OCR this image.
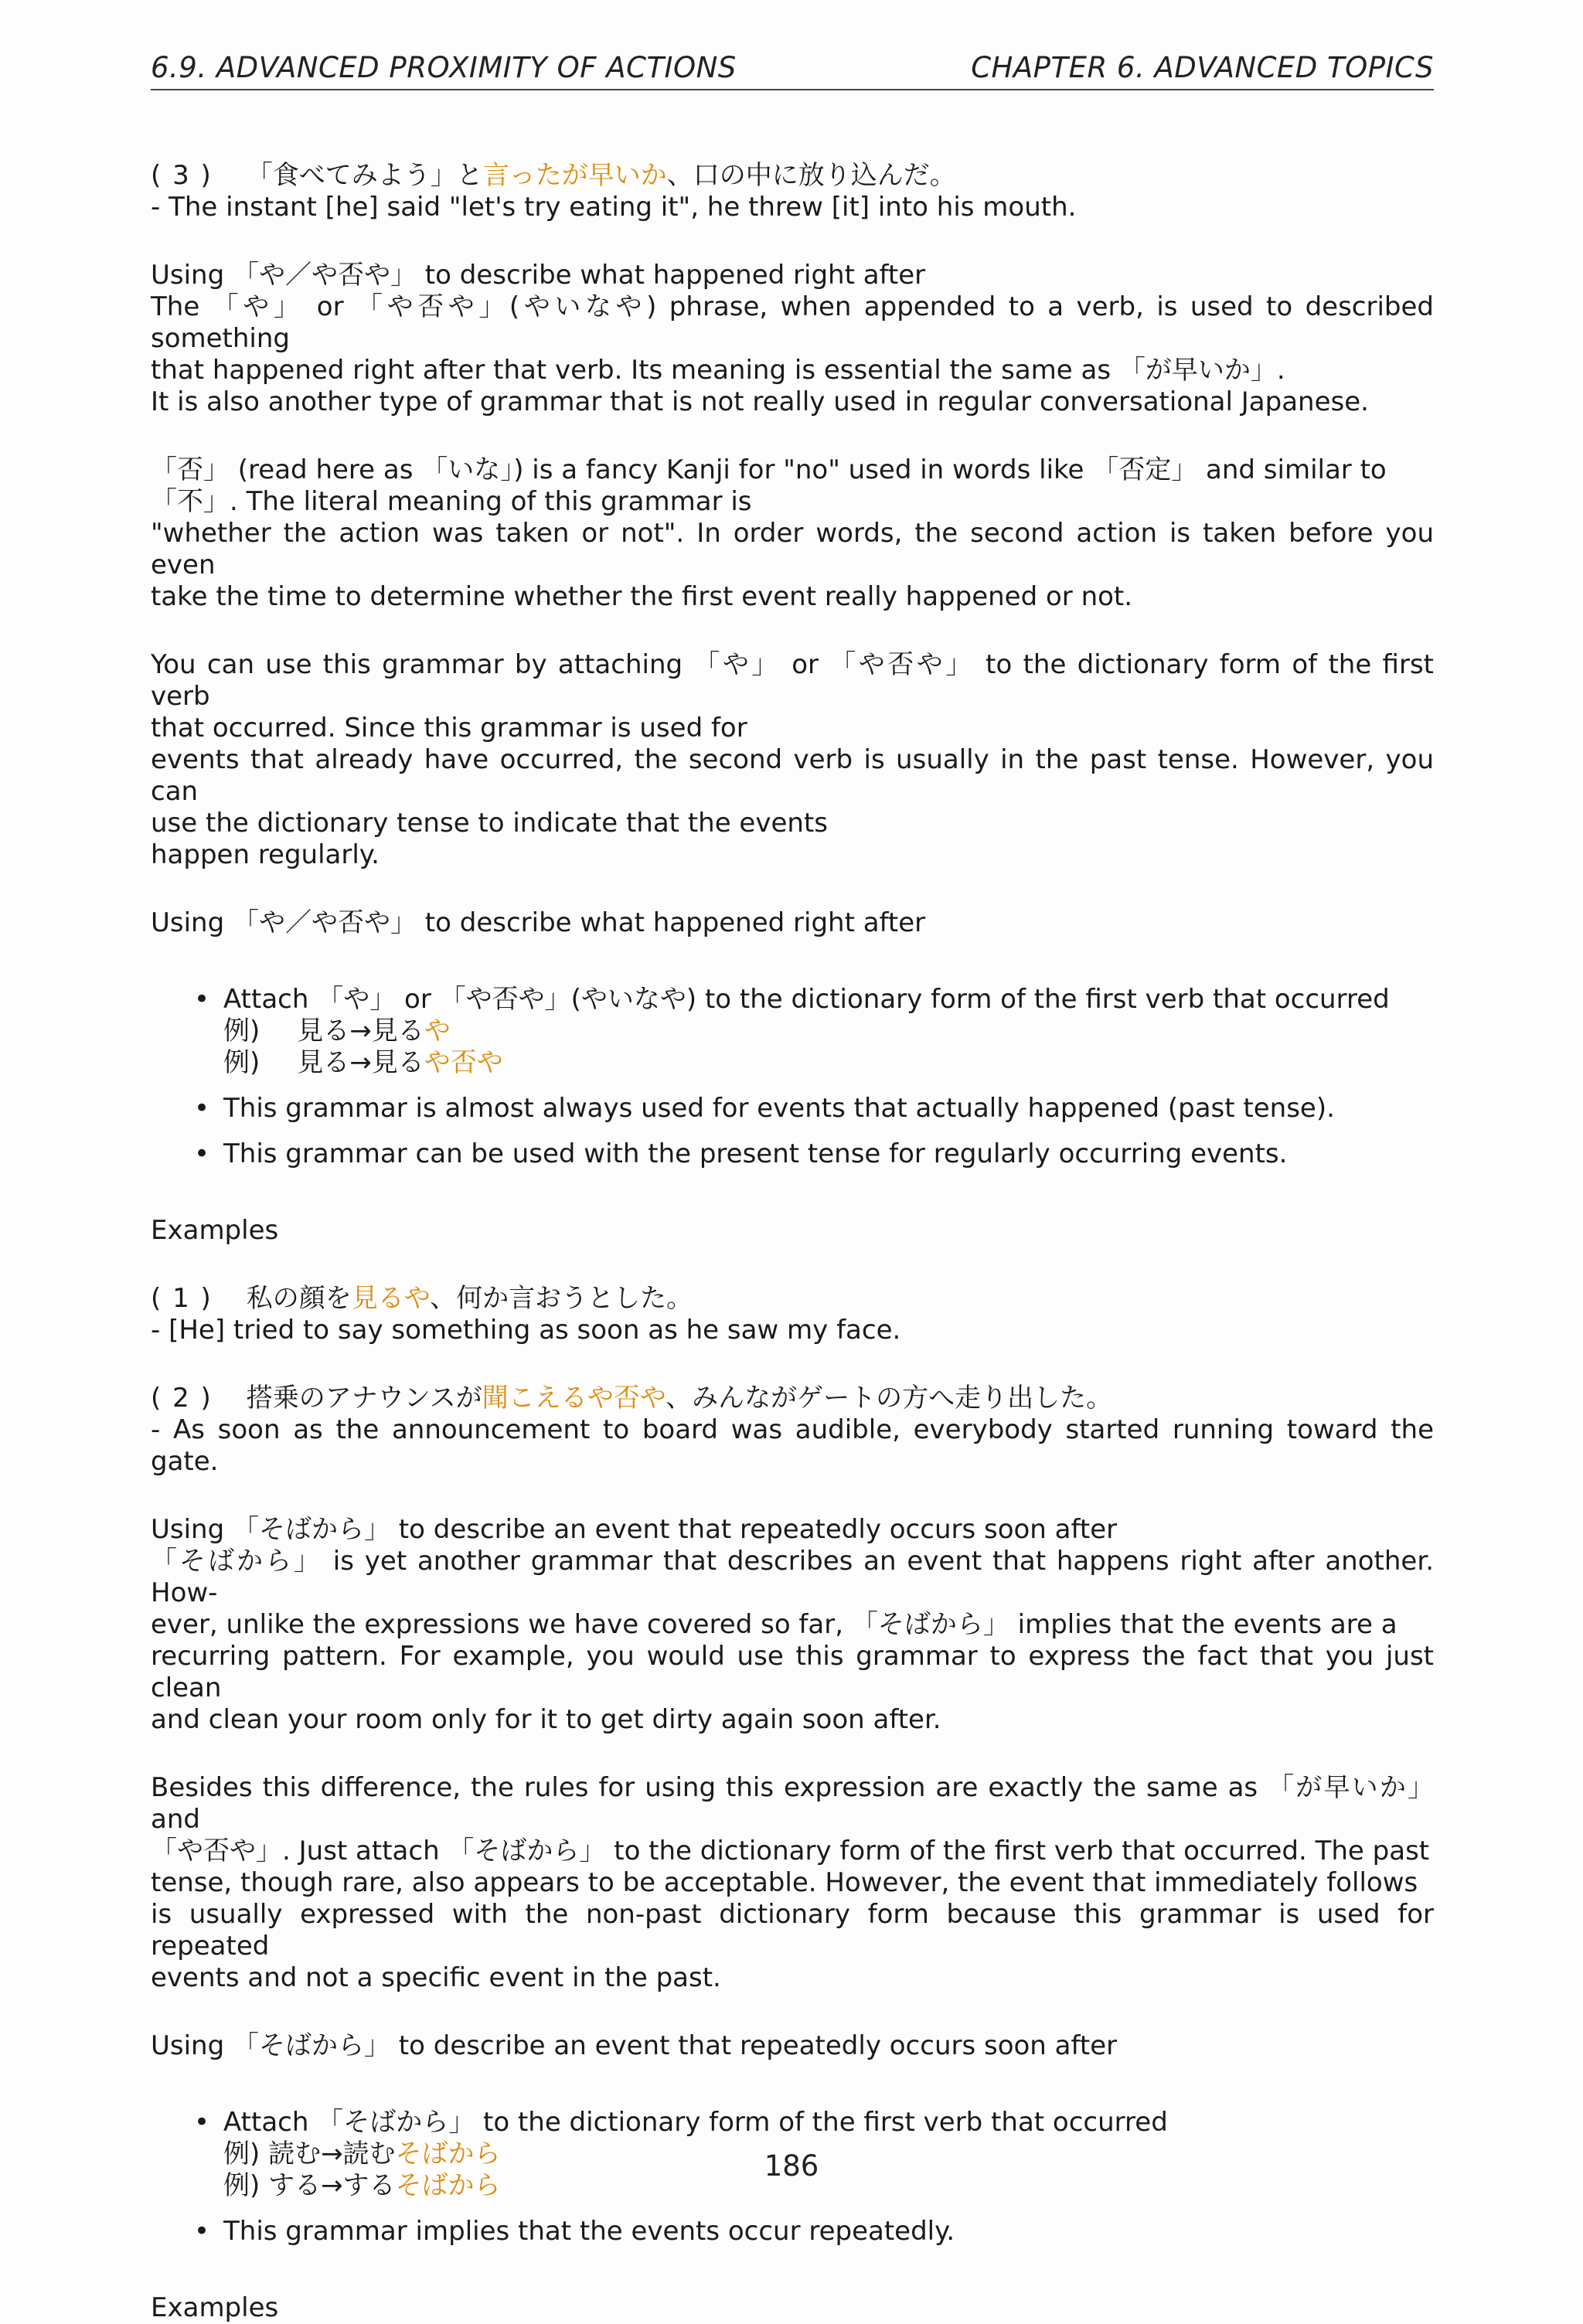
6.9. ADVANCED PROXIMITY OF ACTIONS	CHAPTER 6. ADVANCED TOPICS
( 3 ) 「食べてみよう」と言ったが早いか、口の中に放り込んだ。
- The instant [he] said "let's try eating it", he threw [it] into his mouth.
Using 「や／や否や」 to describe what happened right after
The 「や」 or 「や否や」(やいなや) phrase, when appended to a verb, is used to described something
that happened right after that verb. Its meaning is essential the same as 「が早いか」.
It is also another type of grammar that is not really used in regular conversational Japanese.
「否」 (read here as 「いな」) is a fancy Kanji for "no" used in words like 「否定」 and similar to
「不」. The literal meaning of this grammar is
"whether the action was taken or not". In order words, the second action is taken before you even
take the time to determine whether the first event really happened or not.
You can use this grammar by attaching 「や」 or 「や否や」 to the dictionary form of the first verb
that occurred. Since this grammar is used for
events that already have occurred, the second verb is usually in the past tense. However, you can
use the dictionary tense to indicate that the events
happen regularly.
Using 「や／や否や」 to describe what happened right after
• Attach 「や」 or 「や否や」(やいなや) to the dictionary form of the first verb that occurred
例) 見る→見るや
例) 見る→見るや否や
• This grammar is almost always used for events that actually happened (past tense).
• This grammar can be used with the present tense for regularly occurring events.
Examples
( 1 ) 私の顔を見るや、何か言おうとした。
- [He] tried to say something as soon as he saw my face.
( 2 ) 搭乗のアナウンスが聞こえるや否や、みんながゲートの方へ走り出した。
- As soon as the announcement to board was audible, everybody started running toward the gate.
Using 「そばから」 to describe an event that repeatedly occurs soon after
「そばから」 is yet another grammar that describes an event that happens right after another. How-
ever, unlike the expressions we have covered so far, 「そばから」 implies that the events are a
recurring pattern. For example, you would use this grammar to express the fact that you just clean
and clean your room only for it to get dirty again soon after.
Besides this difference, the rules for using this expression are exactly the same as 「が早いか」 and
「や否や」. Just attach 「そばから」 to the dictionary form of the first verb that occurred. The past
tense, though rare, also appears to be acceptable. However, the event that immediately follows
is usually expressed with the non-past dictionary form because this grammar is used for repeated
events and not a specific event in the past.
Using 「そばから」 to describe an event that repeatedly occurs soon after
• Attach 「そばから」 to the dictionary form of the first verb that occurred
例) 読む→読むそばから
例) する→するそばから
• This grammar implies that the events occur repeatedly.
Examples
186
